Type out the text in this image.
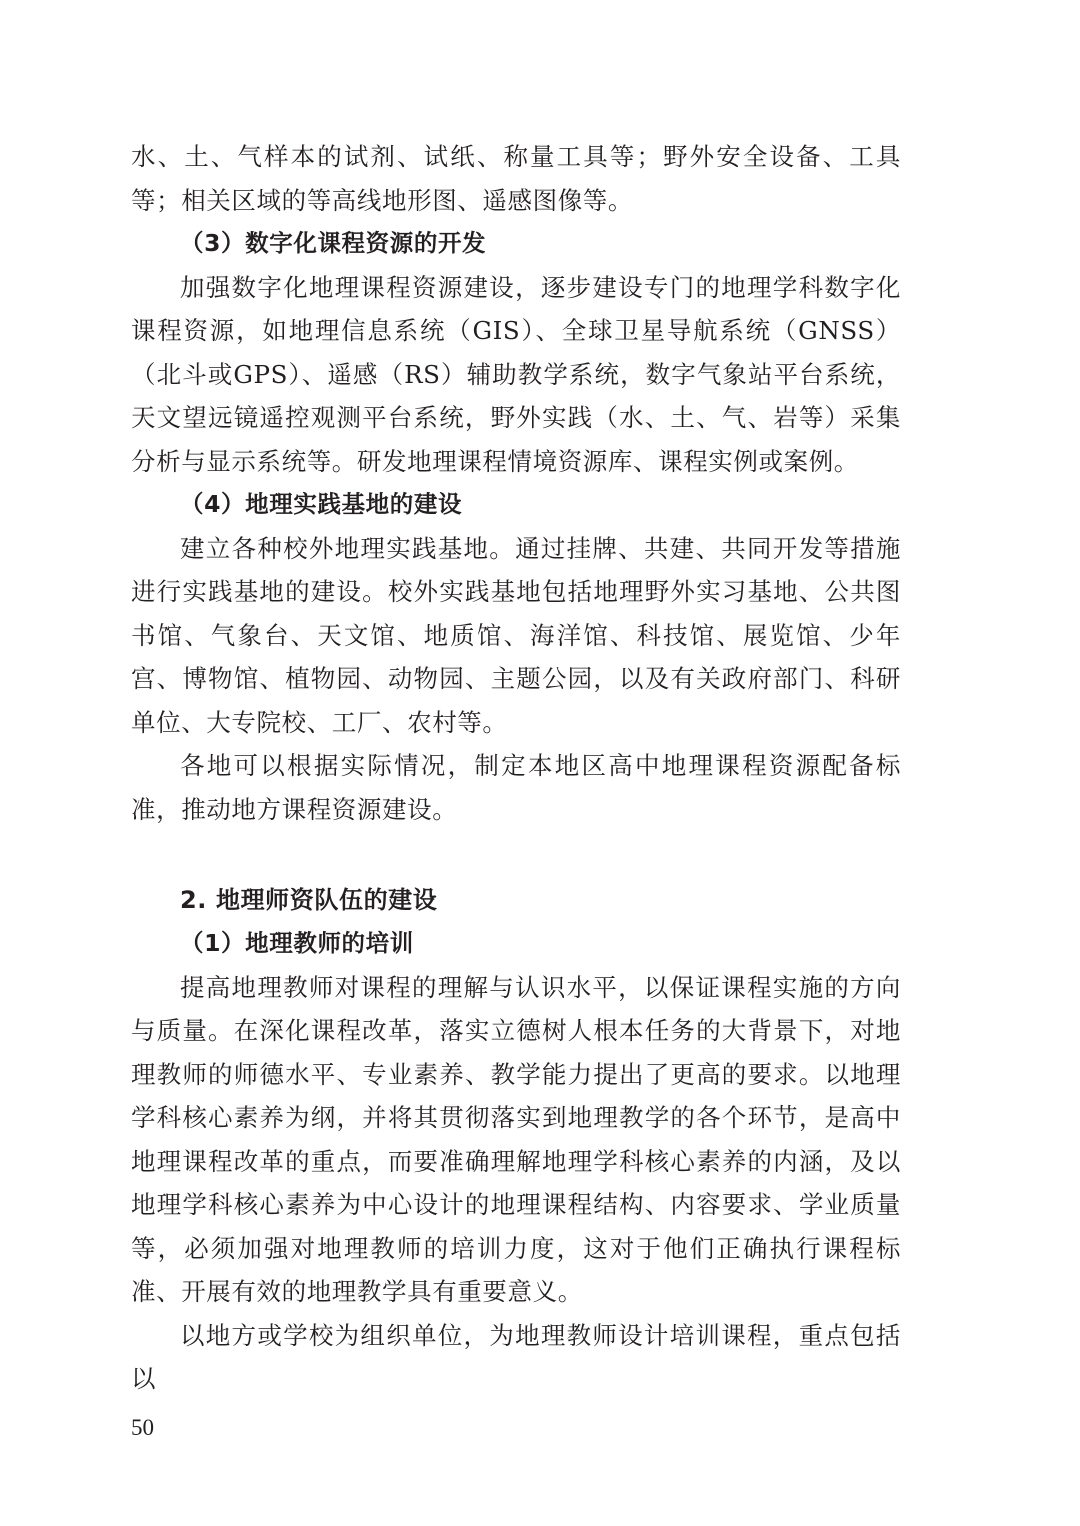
水、土、气样本的试剂、试纸、称量工具等；野外安全设备、工具等；相关区域的等高线地形图、遥感图像等。

（3）数字化课程资源的开发

加强数字化地理课程资源建设，逐步建设专门的地理学科数字化课程资源，如地理信息系统（GIS）、全球卫星导航系统（GNSS）（北斗或GPS）、遥感（RS）辅助教学系统，数字气象站平台系统，天文望远镜遥控观测平台系统，野外实践（水、土、气、岩等）采集分析与显示系统等。研发地理课程情境资源库、课程实例或案例。

（4）地理实践基地的建设

建立各种校外地理实践基地。通过挂牌、共建、共同开发等措施进行实践基地的建设。校外实践基地包括地理野外实习基地、公共图书馆、气象台、天文馆、地质馆、海洋馆、科技馆、展览馆、少年宫、博物馆、植物园、动物园、主题公园，以及有关政府部门、科研单位、大专院校、工厂、农村等。

各地可以根据实际情况，制定本地区高中地理课程资源配备标准，推动地方课程资源建设。

2. 地理师资队伍的建设

（1）地理教师的培训

提高地理教师对课程的理解与认识水平，以保证课程实施的方向与质量。在深化课程改革，落实立德树人根本任务的大背景下，对地理教师的师德水平、专业素养、教学能力提出了更高的要求。以地理学科核心素养为纲，并将其贯彻落实到地理教学的各个环节，是高中地理课程改革的重点，而要准确理解地理学科核心素养的内涵，及以地理学科核心素养为中心设计的地理课程结构、内容要求、学业质量等，必须加强对地理教师的培训力度，这对于他们正确执行课程标准、开展有效的地理教学具有重要意义。

以地方或学校为组织单位，为地理教师设计培训课程，重点包括以

50
